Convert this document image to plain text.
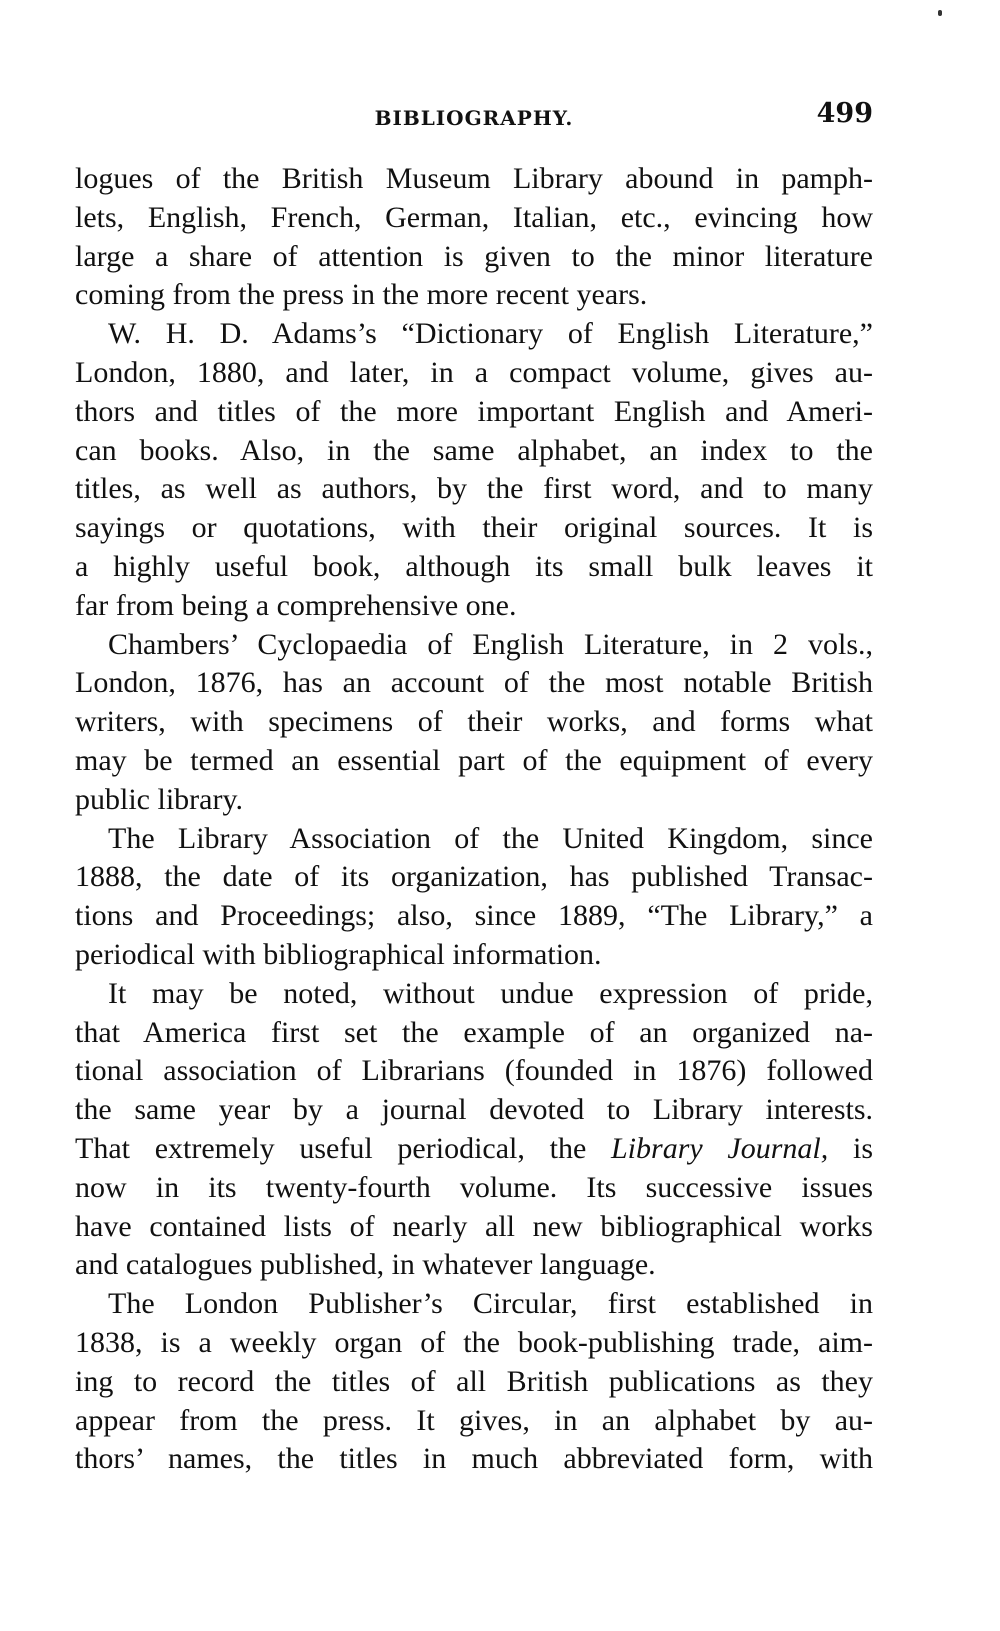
BIBLIOGRAPHY.	499
logues of the British Museum Library abound in pamph-
lets, English, French, German, Italian, etc., evincing how
large a share of attention is given to the minor literature
coming from the press in the more recent years.
W. H. D. Adams’s “Dictionary of English Literature,”
London, 1880, and later, in a compact volume, gives au-
thors and titles of the more important English and Ameri-
can books. Also, in the same alphabet, an index to the
titles, as well as authors, by the first word, and to many
sayings or quotations, with their original sources. It is
a highly useful book, although its small bulk leaves it
far from being a comprehensive one.
Chambers’ Cyclopaedia of English Literature, in 2 vols.,
London, 1876, has an account of the most notable British
writers, with specimens of their works, and forms what
may be termed an essential part of the equipment of every
public library.
The Library Association of the United Kingdom, since
1888, the date of its organization, has published Transac-
tions and Proceedings; also, since 1889, “The Library,” a
periodical with bibliographical information.
It may be noted, without undue expression of pride,
that America first set the example of an organized na-
tional association of Librarians (founded in 1876) followed
the same year by a journal devoted to Library interests.
That extremely useful periodical, the Library Journal, is
now in its twenty-fourth volume. Its successive issues
have contained lists of nearly all new bibliographical works
and catalogues published, in whatever language.
The London Publisher’s Circular, first established in
1838, is a weekly organ of the book-publishing trade, aim-
ing to record the titles of all British publications as they
appear from the press. It gives, in an alphabet by au-
thors’ names, the titles in much abbreviated form, with
